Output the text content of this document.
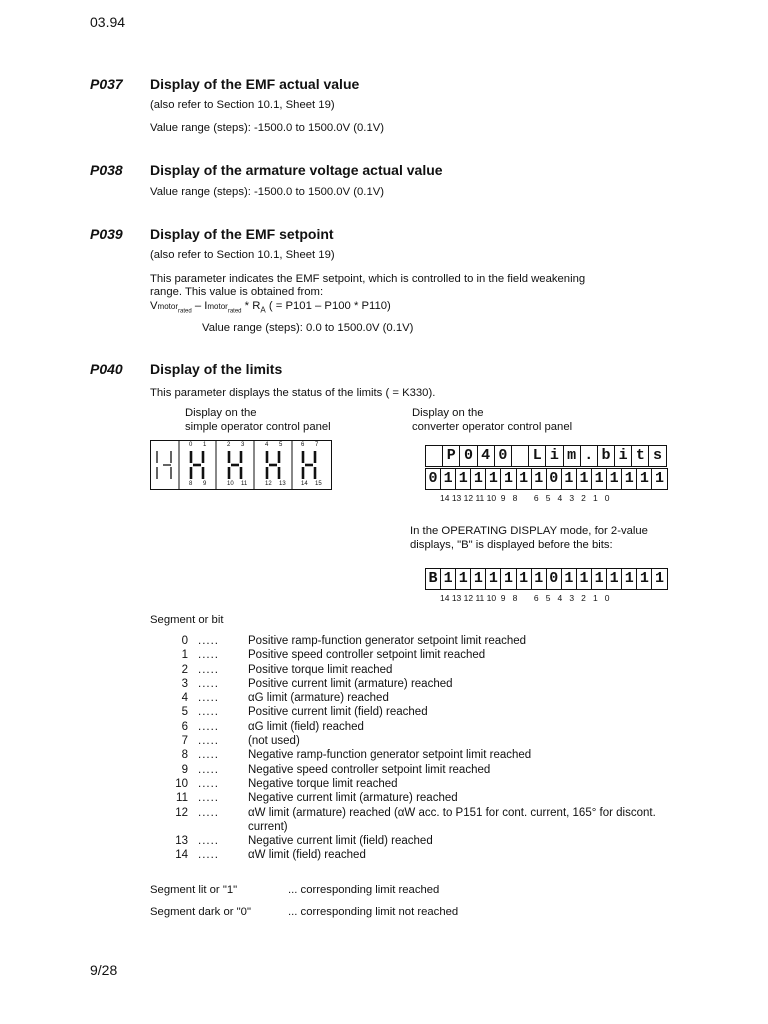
03.94
9/28
P037 Display of the EMF actual value
(also refer to Section 10.1, Sheet 19)
Value range (steps): -1500.0 to 1500.0V (0.1V)
P038 Display of the armature voltage actual value
Value range (steps): -1500.0 to 1500.0V (0.1V)
P039 Display of the EMF setpoint
(also refer to Section 10.1, Sheet 19)
This parameter indicates the EMF setpoint, which is controlled to in the field weakening
range. This value is obtained from:
Vmotor$_{rated}$ – Imotor$_{rated}$ * $R_A$ ( = P101 – P100 * P110)
Value range (steps): 0.0 to 1500.0V (0.1V)
P040 Display of the limits
This parameter displays the status of the limits ( = K330).
Display on the
simple operator control panel
Display on the
converter operator control panel
0 1	2 3	4 5	6 7
8 9	10 11	12 13	14 15
P 0 4 0	L i m . b i t s
0 1 1 1 1 1 1 1 0 1 1 1 1 1 1 1
14 13 12 11 10  9   8       6   5   4   3   2   1   0
In the OPERATING DISPLAY mode, for 2-value
displays, "B" is displayed before the bits:
B 1 1 1 1 1 1 1 0 1 1 1 1 1 1 1
14 13 12 11 10  9   8       6   5   4   3   2   1   0
Segment or bit
0 .....	Positive ramp-function generator setpoint limit reached
1 .....	Positive speed controller setpoint limit reached
2 .....	Positive torque limit reached
3 .....	Positive current limit (armature) reached
4 .....	αG limit (armature) reached
5 .....	Positive current limit (field) reached
6 .....	αG limit (field) reached
7 .....	(not used)
8 .....	Negative ramp-function generator setpoint limit reached
9 .....	Negative speed controller setpoint limit reached
10 .....	Negative torque limit reached
11 .....	Negative current limit (armature) reached
12 .....	αW limit (armature) reached (αW acc. to P151 for cont. current, 165° for discont.
current)
13 .....	Negative current limit (field) reached
14 .....	αW limit (field) reached
Segment lit or "1"	... corresponding limit reached
Segment dark or "0"	... corresponding limit not reached
